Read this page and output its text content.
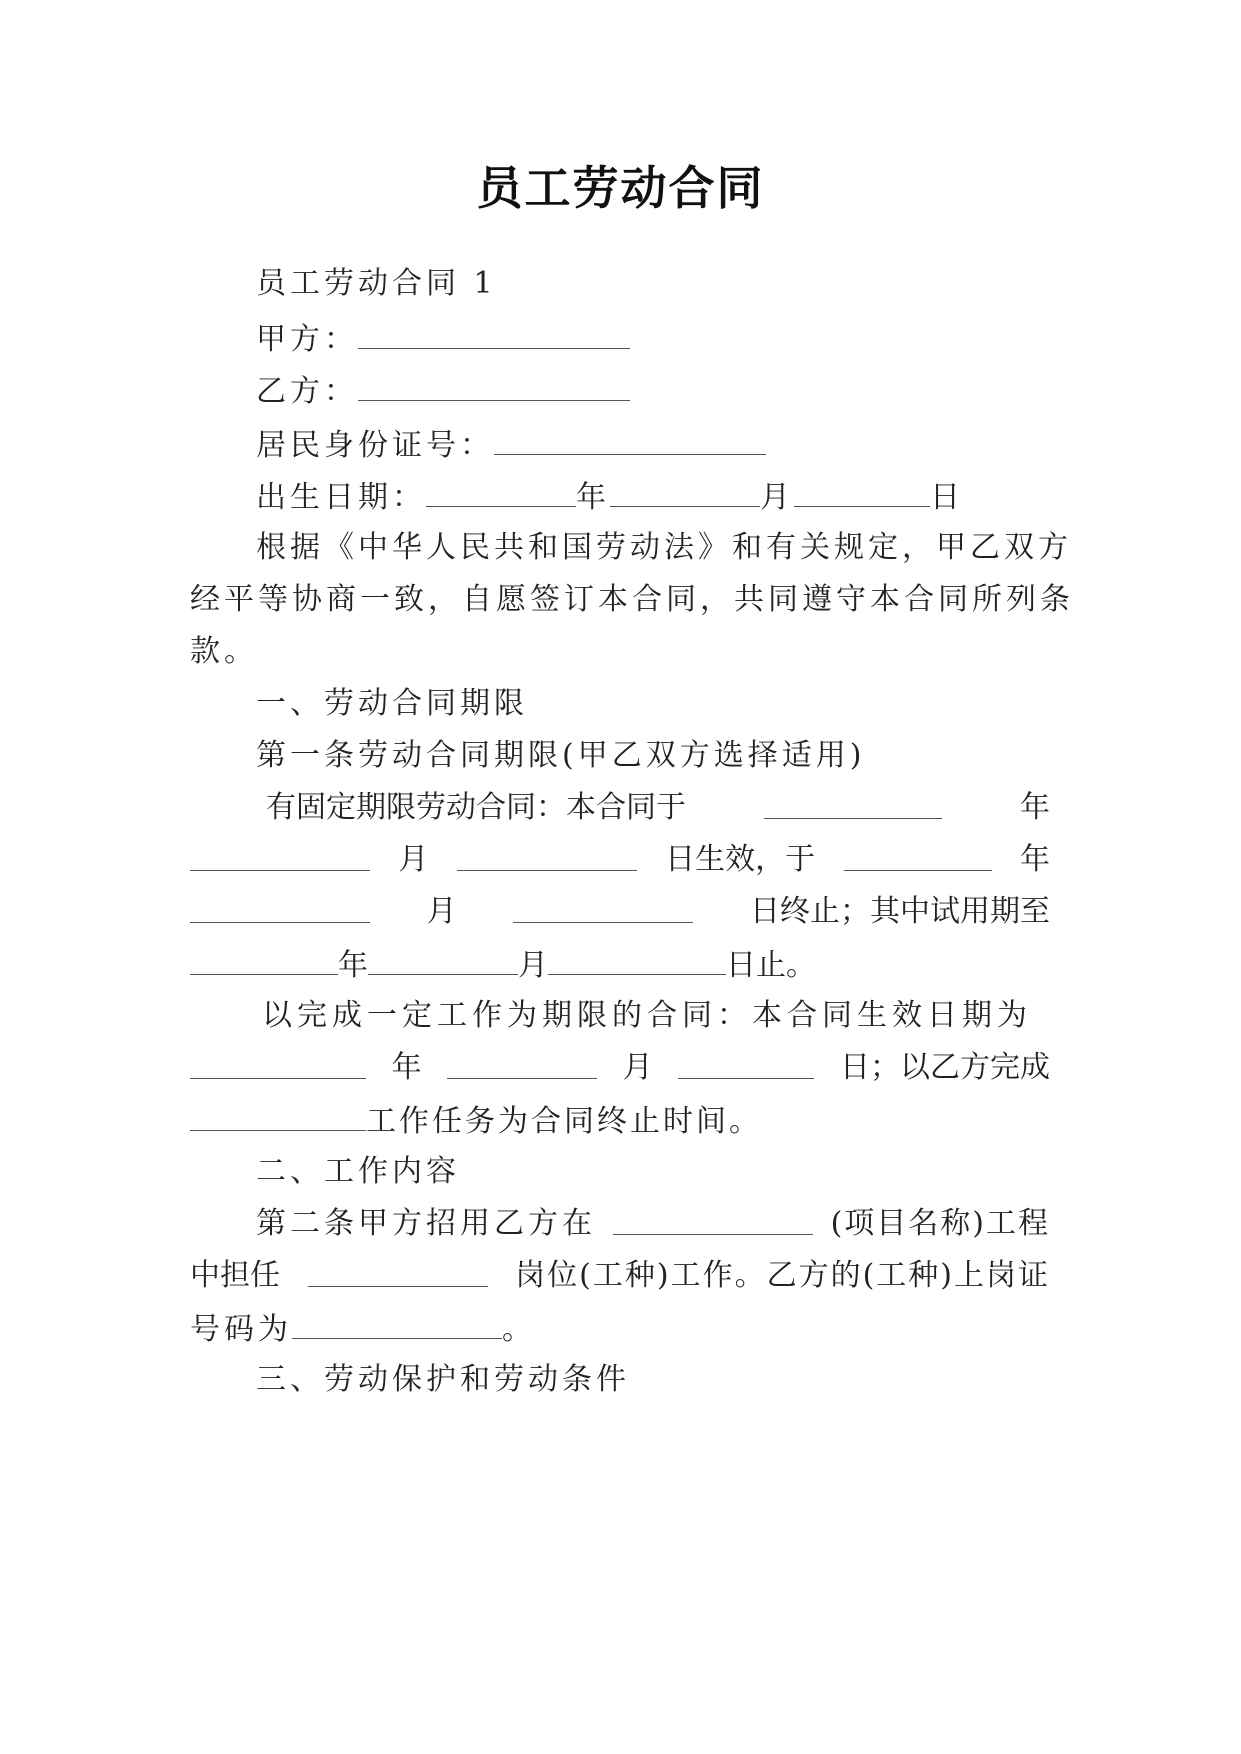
员工劳动合同
员工劳动合同 1
甲方：
乙方：
居民身份证号：
出生日期：	年	月	日
根据《中华人民共和国劳动法》和有关规定，甲乙双方
经平等协商一致，自愿签订本合同，共同遵守本合同所列条
款。
一、劳动合同期限
第一条劳动合同期限(甲乙双方选择适用)
有固定期限劳动合同：本合同于	年
月	日生效，于	年
月	日终止；其中试用期至
年	月	日止。
以完成一定工作为期限的合同：本合同生效日期为
年	月	日；以乙方完成
工作任务为合同终止时间。
二、工作内容
第二条甲方招用乙方在	(项目名称)工程
中担任	岗位(工种)工作。乙方的(工种)上岗证
号码为	。
三、劳动保护和劳动条件
